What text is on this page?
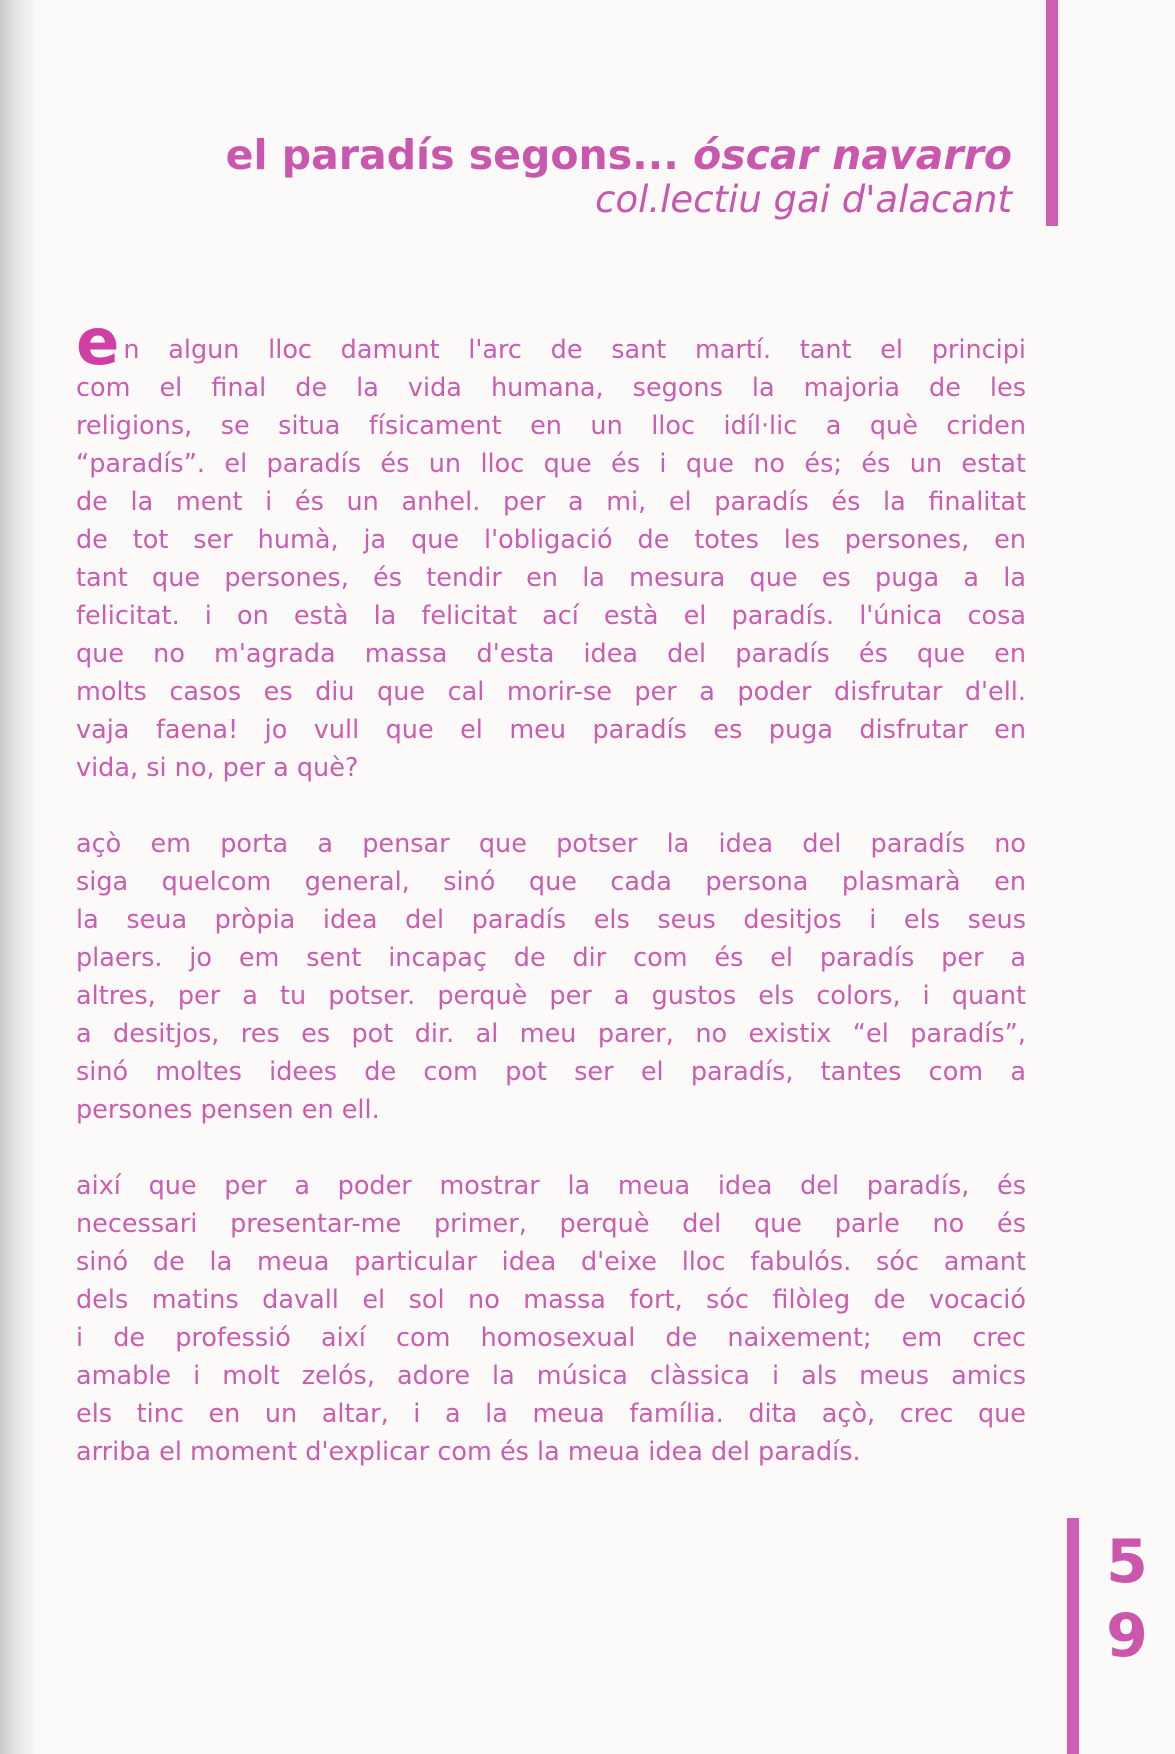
el paradís segons... óscar navarro
col.lectiu gai d'alacant

en algun lloc damunt l'arc de sant martí. tant el principi
com el final de la vida humana, segons la majoria de les
religions, se situa físicament en un lloc idíl·lic a què criden
“paradís”. el paradís és un lloc que és i que no és; és un estat
de la ment i és un anhel. per a mi, el paradís és la finalitat
de tot ser humà, ja que l'obligació de totes les persones, en
tant que persones, és tendir en la mesura que es puga a la
felicitat. i on està la felicitat ací està el paradís. l'única cosa
que no m'agrada massa d'esta idea del paradís és que en
molts casos es diu que cal morir-se per a poder disfrutar d'ell.
vaja faena! jo vull que el meu paradís es puga disfrutar en
vida, si no, per a què?

açò em porta a pensar que potser la idea del paradís no
siga quelcom general, sinó que cada persona plasmarà en
la seua pròpia idea del paradís els seus desitjos i els seus
plaers. jo em sent incapaç de dir com és el paradís per a
altres, per a tu potser. perquè per a gustos els colors, i quant
a desitjos, res es pot dir. al meu parer, no existix “el paradís”,
sinó moltes idees de com pot ser el paradís, tantes com a
persones pensen en ell.

així que per a poder mostrar la meua idea del paradís, és
necessari presentar-me primer, perquè del que parle no és
sinó de la meua particular idea d'eixe lloc fabulós. sóc amant
dels matins davall el sol no massa fort, sóc filòleg de vocació
i de professió així com homosexual de naixement; em crec
amable i molt zelós, adore la música clàssica i als meus amics
els tinc en un altar, i a la meua família. dita açò, crec que
arriba el moment d'explicar com és la meua idea del paradís.

5
9
